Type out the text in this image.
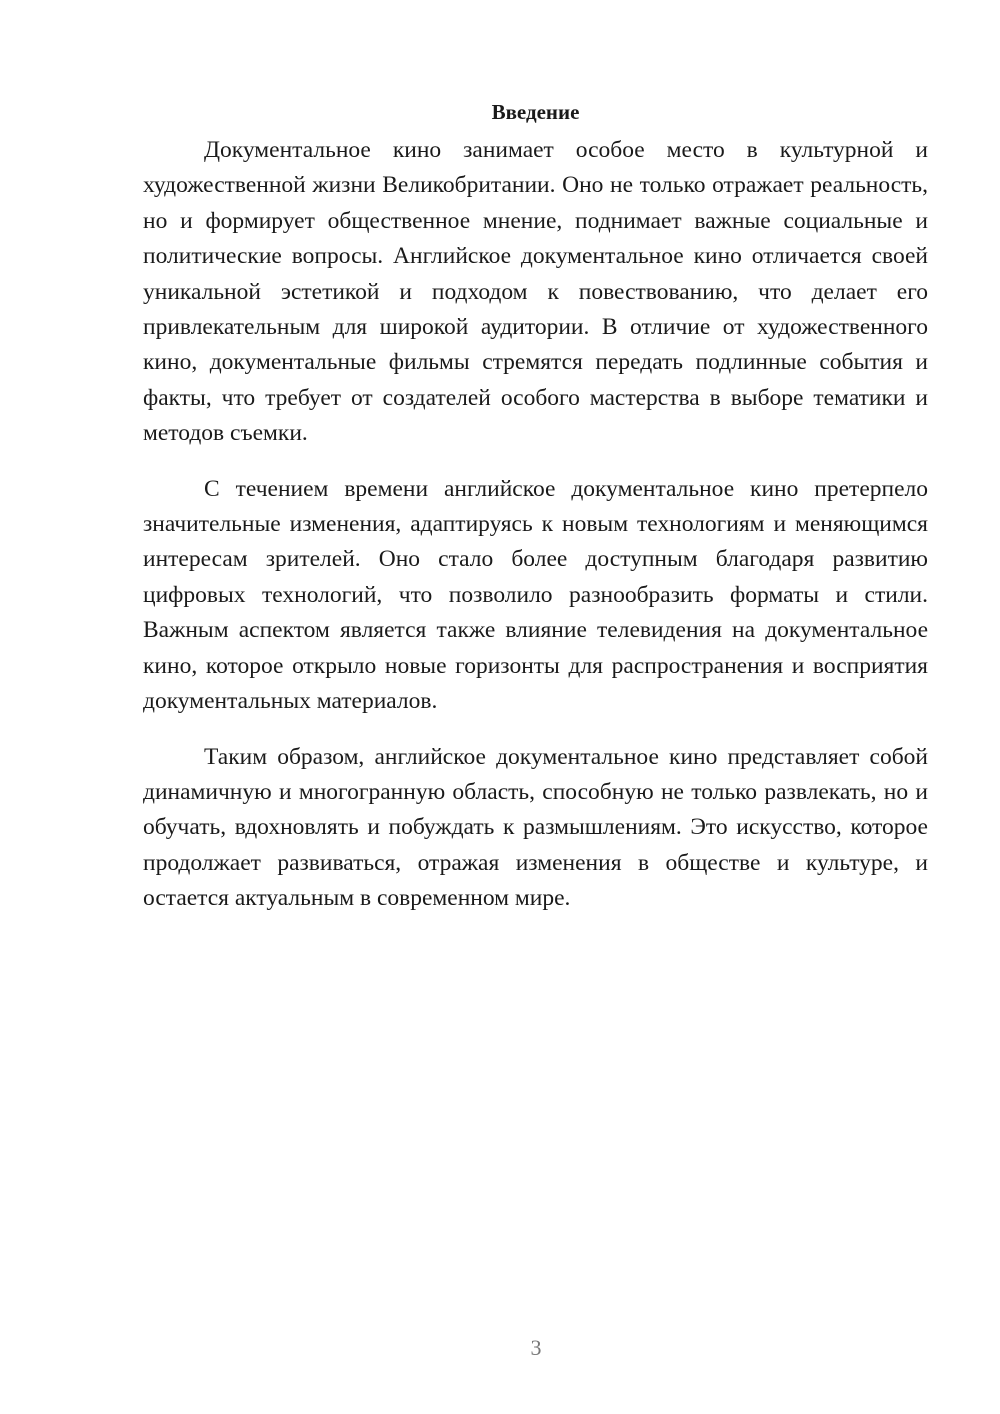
Введение

Документальное кино занимает особое место в культурной и художественной жизни Великобритании. Оно не только отражает реальность, но и формирует общественное мнение, поднимает важные социальные и политические вопросы. Английское документальное кино отличается своей уникальной эстетикой и подходом к повествованию, что делает его привлекательным для широкой аудитории. В отличие от художественного кино, документальные фильмы стремятся передать подлинные события и факты, что требует от создателей особого мастерства в выборе тематики и методов съемки.

С течением времени английское документальное кино претерпело значительные изменения, адаптируясь к новым технологиям и меняющимся интересам зрителей. Оно стало более доступным благодаря развитию цифровых технологий, что позволило разнообразить форматы и стили. Важным аспектом является также влияние телевидения на документальное кино, которое открыло новые горизонты для распространения и восприятия документальных материалов.

Таким образом, английское документальное кино представляет собой динамичную и многогранную область, способную не только развлекать, но и обучать, вдохновлять и побуждать к размышлениям. Это искусство, которое продолжает развиваться, отражая изменения в обществе и культуре, и остается актуальным в современном мире.

3
